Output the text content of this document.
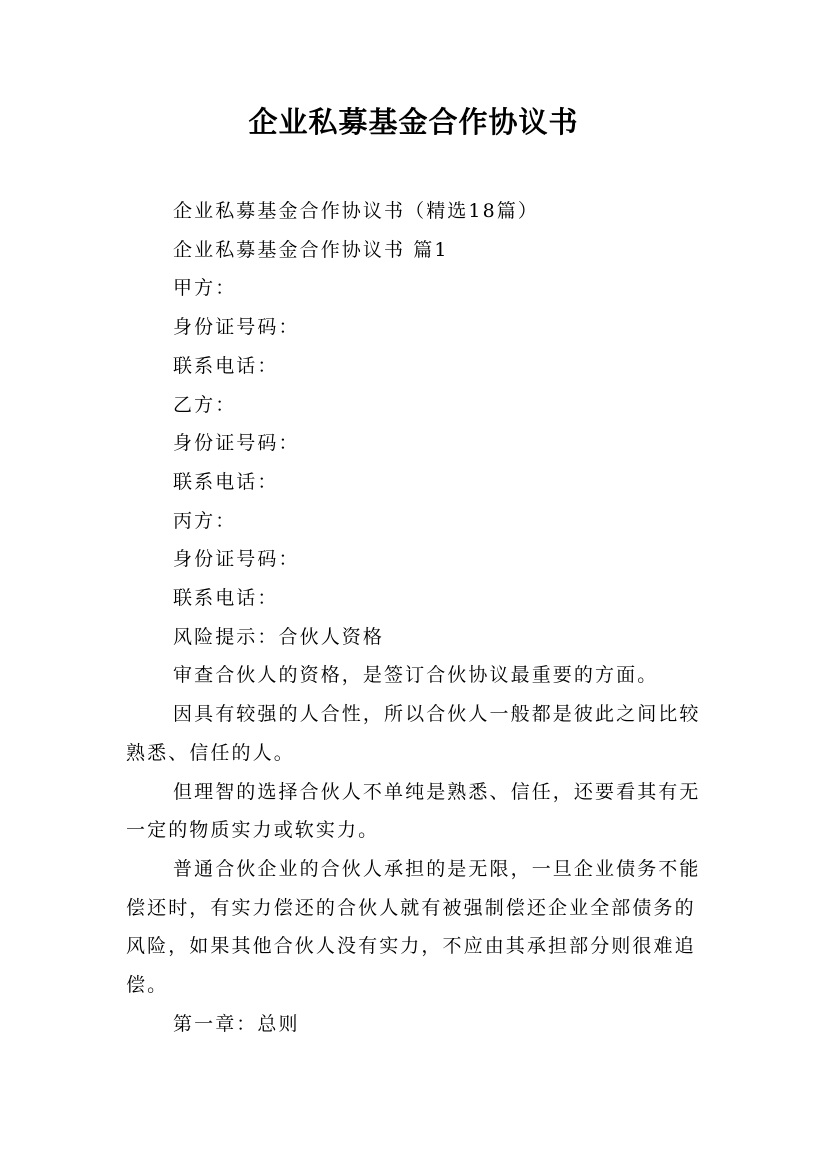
企业私募基金合作协议书

企业私募基金合作协议书（精选18篇）

企业私募基金合作协议书 篇1

甲方：

身份证号码：

联系电话：

乙方：

身份证号码：

联系电话：

丙方：

身份证号码：

联系电话：

风险提示：合伙人资格

审查合伙人的资格，是签订合伙协议最重要的方面。

因具有较强的人合性，所以合伙人一般都是彼此之间比较熟悉、信任的人。

但理智的选择合伙人不单纯是熟悉、信任，还要看其有无一定的物质实力或软实力。

普通合伙企业的合伙人承担的是无限，一旦企业债务不能偿还时，有实力偿还的合伙人就有被强制偿还企业全部债务的风险，如果其他合伙人没有实力，不应由其承担部分则很难追偿。

第一章：总则
